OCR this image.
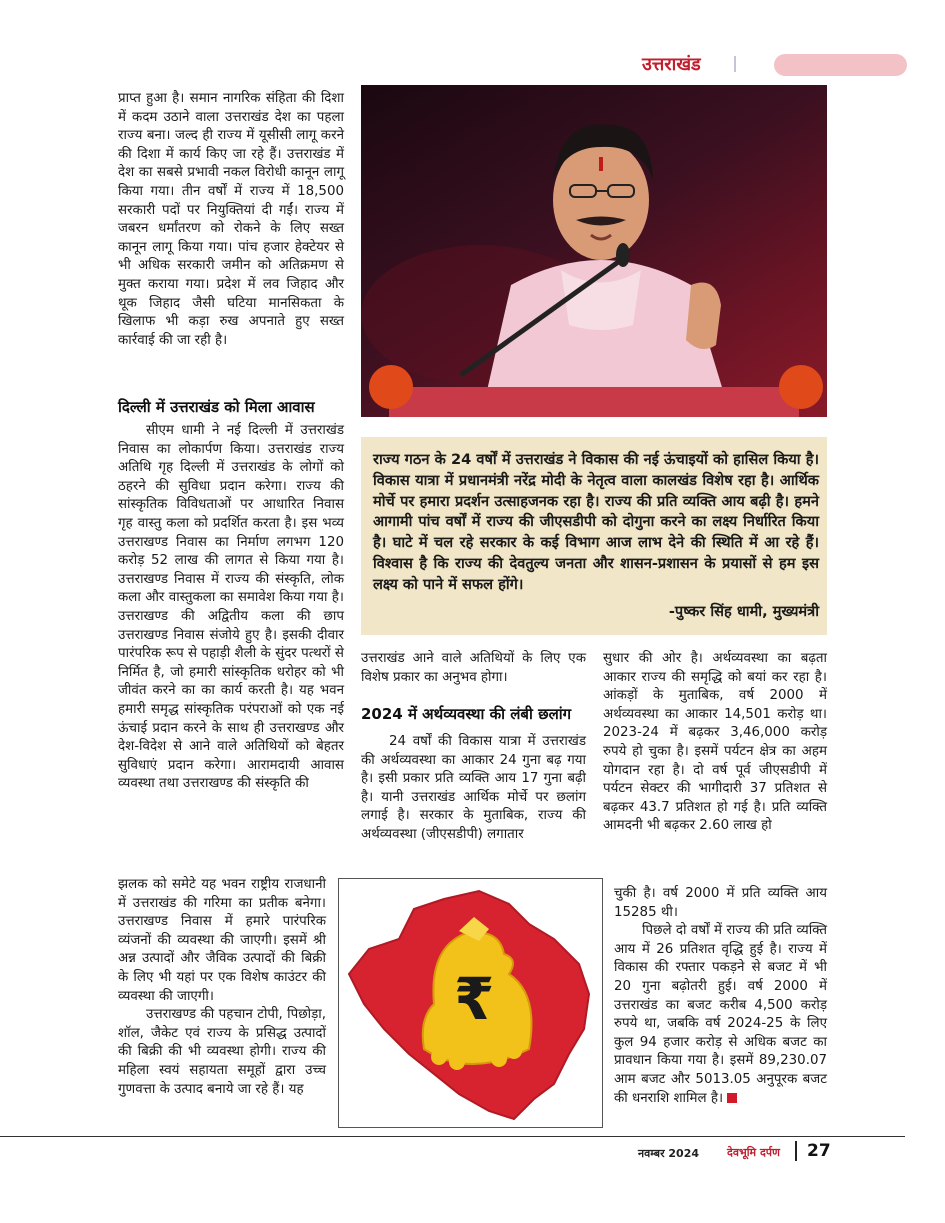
उत्तराखंड

प्राप्त हुआ है। समान नागरिक संहिता की दिशा में कदम उठाने वाला उत्तराखंड देश का पहला राज्य बना। जल्द ही राज्य में यूसीसी लागू करने की दिशा में कार्य किए जा रहे हैं। उत्तराखंड में देश का सबसे प्रभावी नकल विरोधी कानून लागू किया गया। तीन वर्षों में राज्य में 18,500 सरकारी पदों पर नियुक्तियां दी गईं। राज्य में जबरन धर्मांतरण को रोकने के लिए सख्त कानून लागू किया गया। पांच हजार हेक्टेयर से भी अधिक सरकारी जमीन को अतिक्रमण से मुक्त कराया गया। प्रदेश में लव जिहाद और थूक जिहाद जैसी घटिया मानसिकता के खिलाफ भी कड़ा रुख अपनाते हुए सख्त कार्रवाई की जा रही है।

दिल्ली में उत्तराखंड को मिला आवास

सीएम धामी ने नई दिल्ली में उत्तराखंड निवास का लोकार्पण किया। उत्तराखंड राज्य अतिथि गृह दिल्ली में उत्तराखंड के लोगों को ठहरने की सुविधा प्रदान करेगा। राज्य की सांस्कृतिक विविधताओं पर आधारित निवास गृह वास्तु कला को प्रदर्शित करता है। इस भव्य उत्तराखण्ड निवास का निर्माण लगभग 120 करोड़ 52 लाख की लागत से किया गया है। उत्तराखण्ड निवास में राज्य की संस्कृति, लोक कला और वास्तुकला का समावेश किया गया है। उत्तराखण्ड की अद्वितीय कला की छाप उत्तराखण्ड निवास संजोये हुए है। इसकी दीवार पारंपरिक रूप से पहाड़ी शैली के सुंदर पत्थरों से निर्मित है, जो हमारी सांस्कृतिक धरोहर को भी जीवंत करने का का कार्य करती है। यह भवन हमारी समृद्ध सांस्कृतिक परंपराओं को एक नई ऊंचाई प्रदान करने के साथ ही उत्तराखण्ड और देश-विदेश से आने वाले अतिथियों को बेहतर सुविधाएं प्रदान करेगा। आरामदायी आवास व्यवस्था तथा उत्तराखण्ड की संस्कृति की

झलक को समेटे यह भवन राष्ट्रीय राजधानी में उत्तराखंड की गरिमा का प्रतीक बनेगा। उत्तराखण्ड निवास में हमारे पारंपरिक व्यंजनों की व्यवस्था की जाएगी। इसमें श्री अन्न उत्पादों और जैविक उत्पादों की बिक्री के लिए भी यहां पर एक विशेष काउंटर की व्यवस्था की जाएगी।

उत्तराखण्ड की पहचान टोपी, पिछोड़ा, शॉल, जैकेट एवं राज्य के प्रसिद्ध उत्पादों की बिक्री की भी व्यवस्था होगी। राज्य की महिला स्वयं सहायता समूहों द्वारा उच्च गुणवत्ता के उत्पाद बनाये जा रहे हैं। यह

राज्य गठन के 24 वर्षों में उत्तराखंड ने विकास की नई ऊंचाइयों को हासिल किया है। विकास यात्रा में प्रधानमंत्री नरेंद्र मोदी के नेतृत्व वाला कालखंड विशेष रहा है। आर्थिक मोर्चे पर हमारा प्रदर्शन उत्साहजनक रहा है। राज्य की प्रति व्यक्ति आय बढ़ी है। हमने आगामी पांच वर्षों में राज्य की जीएसडीपी को दोगुना करने का लक्ष्य निर्धारित किया है। घाटे में चल रहे सरकार के कई विभाग आज लाभ देने की स्थिति में आ रहे हैं। विश्वास है कि राज्य की देवतुल्य जनता और शासन-प्रशासन के प्रयासों से हम इस लक्ष्य को पाने में सफल होंगे।
-पुष्कर सिंह धामी, मुख्यमंत्री

उत्तराखंड आने वाले अतिथियों के लिए एक विशेष प्रकार का अनुभव होगा।

2024 में अर्थव्यवस्था की लंबी छलांग

24 वर्षों की विकास यात्रा में उत्तराखंड की अर्थव्यवस्था का आकार 24 गुना बढ़ गया है। इसी प्रकार प्रति व्यक्ति आय 17 गुना बढ़ी है। यानी उत्तराखंड आर्थिक मोर्चे पर छलांग लगाई है। सरकार के मुताबिक, राज्य की अर्थव्यवस्था (जीएसडीपी) लगातार

₹

सुधार की ओर है। अर्थव्यवस्था का बढ़ता आकार राज्य की समृद्धि को बयां कर रहा है। आंकड़ों के मुताबिक, वर्ष 2000 में अर्थव्यवस्था का आकार 14,501 करोड़ था। 2023-24 में बढ़कर 3,46,000 करोड़ रुपये हो चुका है। इसमें पर्यटन क्षेत्र का अहम योगदान रहा है। दो वर्ष पूर्व जीएसडीपी में पर्यटन सेक्टर की भागीदारी 37 प्रतिशत से बढ़कर 43.7 प्रतिशत हो गई है। प्रति व्यक्ति आमदनी भी बढ़कर 2.60 लाख हो

चुकी है। वर्ष 2000 में प्रति व्यक्ति आय 15285 थी।

पिछले दो वर्षों में राज्य की प्रति व्यक्ति आय में 26 प्रतिशत वृद्धि हुई है। राज्य में विकास की रफ्तार पकड़ने से बजट में भी 20 गुना बढ़ोतरी हुई। वर्ष 2000 में उत्तराखंड का बजट करीब 4,500 करोड़ रुपये था, जबकि वर्ष 2024-25 के लिए कुल 94 हजार करोड़ से अधिक बजट का प्रावधान किया गया है। इसमें 89,230.07 आम बजट और 5013.05 अनुपूरक बजट की धनराशि शामिल है।

नवम्बर 2024	देवभूमि दर्पण 27
